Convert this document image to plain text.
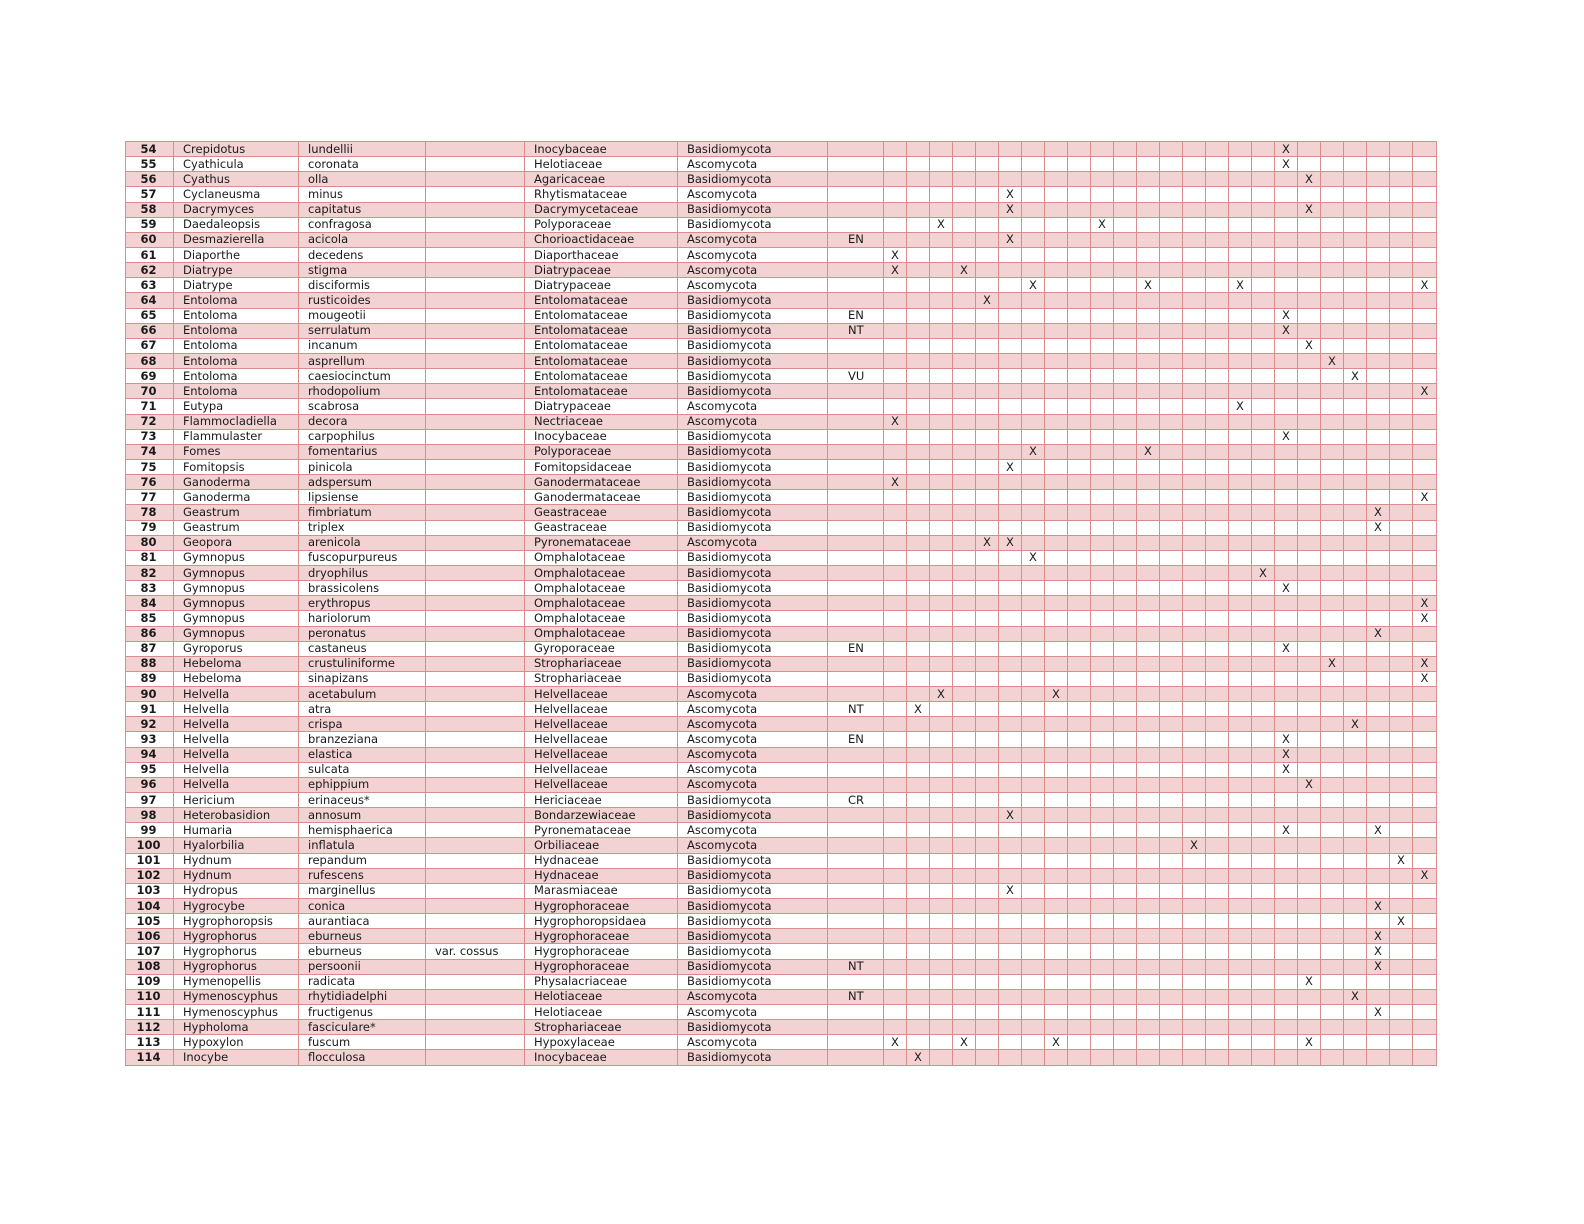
54	Crepidotus	lundellii		Inocybaceae	Basidiomycota																			X						
55	Cyathicula	coronata		Helotiaceae	Ascomycota																			X						
56	Cyathus	olla		Agaricaceae	Basidiomycota																				X					
57	Cyclaneusma	minus		Rhytismataceae	Ascomycota							X																		
58	Dacrymyces	capitatus		Dacrymycetaceae	Basidiomycota							X													X					
59	Daedaleopsis	confragosa		Polyporaceae	Basidiomycota				X							X														
60	Desmazierella	acicola		Chorioactidaceae	Ascomycota	EN						X																		
61	Diaporthe	decedens		Diaporthaceae	Ascomycota		X																							
62	Diatrype	stigma		Diatrypaceae	Ascomycota		X			X																				
63	Diatrype	disciformis		Diatrypaceae	Ascomycota								X					X				X								X
64	Entoloma	rusticoides		Entolomataceae	Basidiomycota						X																			
65	Entoloma	mougeotii		Entolomataceae	Basidiomycota	EN																		X						
66	Entoloma	serrulatum		Entolomataceae	Basidiomycota	NT																		X						
67	Entoloma	incanum		Entolomataceae	Basidiomycota																				X					
68	Entoloma	asprellum		Entolomataceae	Basidiomycota																					X				
69	Entoloma	caesiocinctum		Entolomataceae	Basidiomycota	VU																					X			
70	Entoloma	rhodopolium		Entolomataceae	Basidiomycota																									X
71	Eutypa	scabrosa		Diatrypaceae	Ascomycota																	X								
72	Flammocladiella	decora		Nectriaceae	Ascomycota		X																							
73	Flammulaster	carpophilus		Inocybaceae	Basidiomycota																			X						
74	Fomes	fomentarius		Polyporaceae	Basidiomycota								X					X												
75	Fomitopsis	pinicola		Fomitopsidaceae	Basidiomycota							X																		
76	Ganoderma	adspersum		Ganodermataceae	Basidiomycota		X																							
77	Ganoderma	lipsiense		Ganodermataceae	Basidiomycota																									X
78	Geastrum	fimbriatum		Geastraceae	Basidiomycota																							X		
79	Geastrum	triplex		Geastraceae	Basidiomycota																							X		
80	Geopora	arenicola		Pyronemataceae	Ascomycota						X	X																		
81	Gymnopus	fuscopurpureus		Omphalotaceae	Basidiomycota								X																	
82	Gymnopus	dryophilus		Omphalotaceae	Basidiomycota																		X							
83	Gymnopus	brassicolens		Omphalotaceae	Basidiomycota																			X						
84	Gymnopus	erythropus		Omphalotaceae	Basidiomycota																									X
85	Gymnopus	hariolorum		Omphalotaceae	Basidiomycota																									X
86	Gymnopus	peronatus		Omphalotaceae	Basidiomycota																							X		
87	Gyroporus	castaneus		Gyroporaceae	Basidiomycota	EN																		X						
88	Hebeloma	crustuliniforme		Strophariaceae	Basidiomycota																					X				X
89	Hebeloma	sinapizans		Strophariaceae	Basidiomycota																									X
90	Helvella	acetabulum		Helvellaceae	Ascomycota				X					X																
91	Helvella	atra		Helvellaceae	Ascomycota	NT		X																						
92	Helvella	crispa		Helvellaceae	Ascomycota																						X			
93	Helvella	branzeziana		Helvellaceae	Ascomycota	EN																		X						
94	Helvella	elastica		Helvellaceae	Ascomycota																			X						
95	Helvella	sulcata		Helvellaceae	Ascomycota																			X						
96	Helvella	ephippium		Helvellaceae	Ascomycota																				X					
97	Hericium	erinaceus*		Hericiaceae	Basidiomycota	CR																								
98	Heterobasidion	annosum		Bondarzewiaceae	Basidiomycota							X																		
99	Humaria	hemisphaerica		Pyronemataceae	Ascomycota																			X				X		
100	Hyalorbilia	inflatula		Orbiliaceae	Ascomycota															X										
101	Hydnum	repandum		Hydnaceae	Basidiomycota																								X	
102	Hydnum	rufescens		Hydnaceae	Basidiomycota																									X
103	Hydropus	marginellus		Marasmiaceae	Basidiomycota							X																		
104	Hygrocybe	conica		Hygrophoraceae	Basidiomycota																							X		
105	Hygrophoropsis	aurantiaca		Hygrophoropsidaea	Basidiomycota																								X	
106	Hygrophorus	eburneus		Hygrophoraceae	Basidiomycota																							X		
107	Hygrophorus	eburneus	var. cossus	Hygrophoraceae	Basidiomycota																							X		
108	Hygrophorus	persoonii		Hygrophoraceae	Basidiomycota	NT																						X		
109	Hymenopellis	radicata		Physalacriaceae	Basidiomycota																				X					
110	Hymenoscyphus	rhytidiadelphi		Helotiaceae	Ascomycota	NT																					X			
111	Hymenoscyphus	fructigenus		Helotiaceae	Ascomycota																							X		
112	Hypholoma	fasciculare*		Strophariaceae	Basidiomycota																									
113	Hypoxylon	fuscum		Hypoxylaceae	Ascomycota		X			X				X											X					
114	Inocybe	flocculosa		Inocybaceae	Basidiomycota			X																						
